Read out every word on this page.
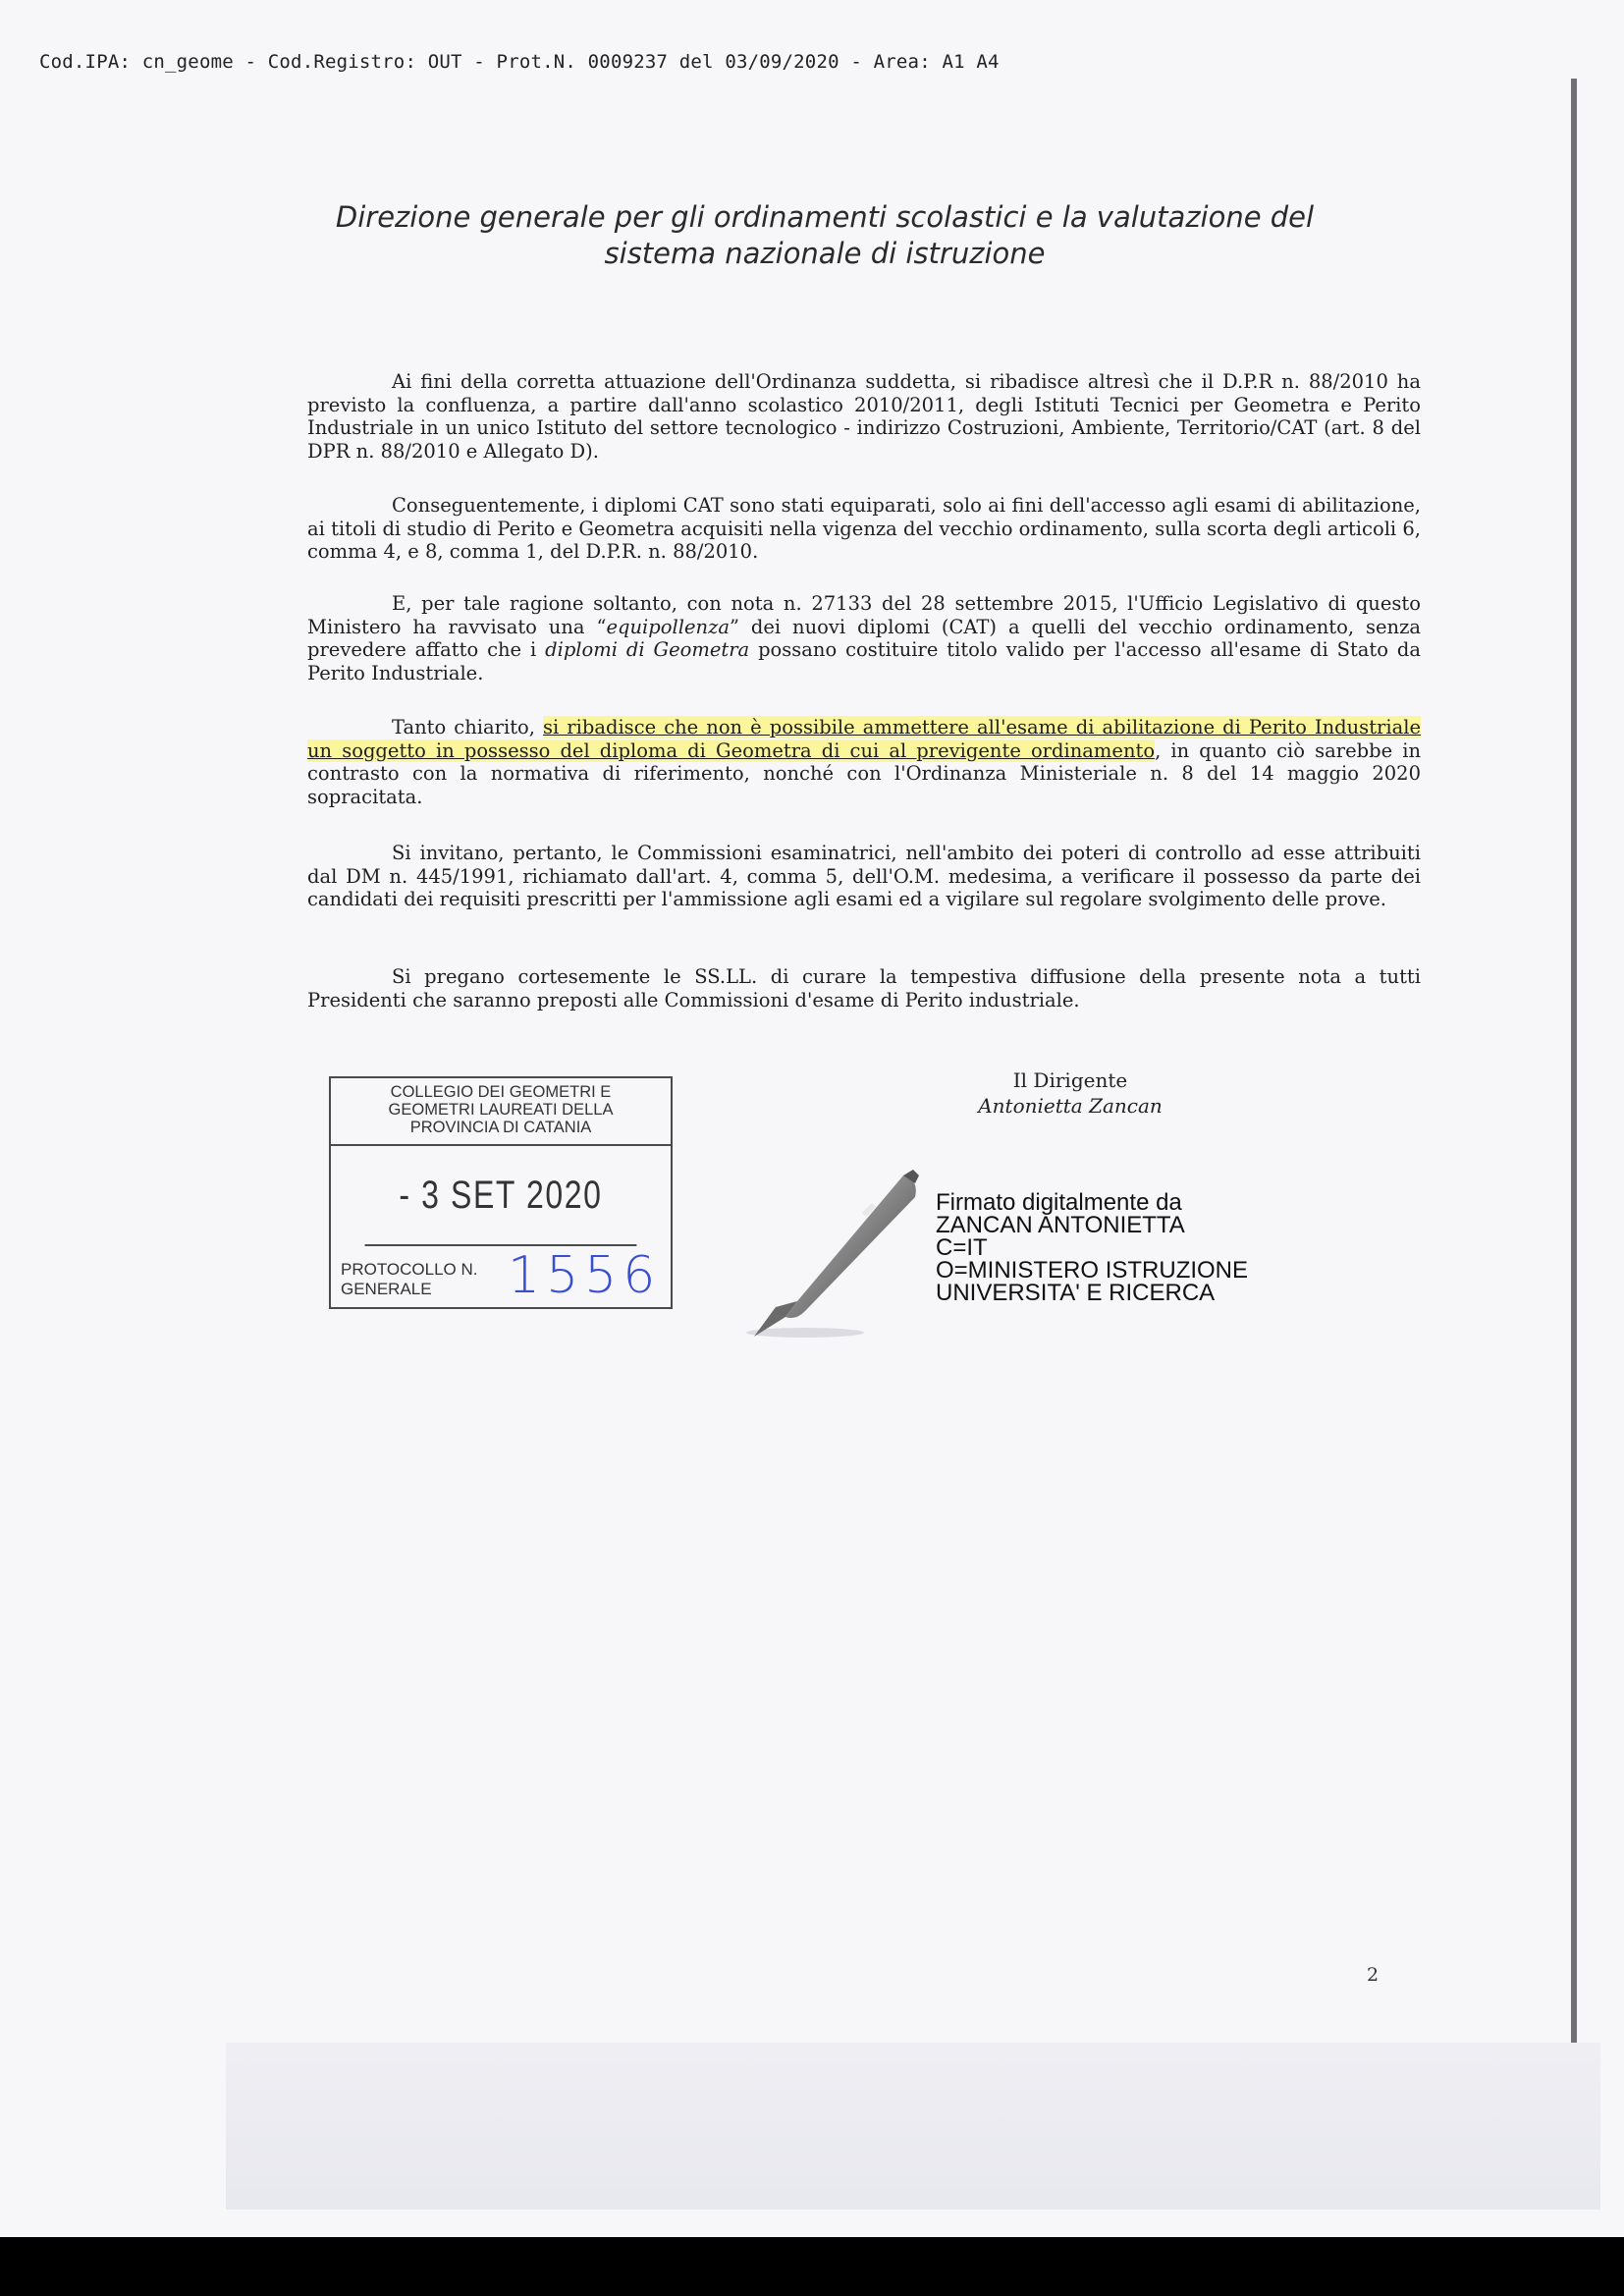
Cod.IPA: cn_geome - Cod.Registro: OUT - Prot.N. 0009237 del 03/09/2020 - Area: A1 A4
Direzione generale per gli ordinamenti scolastici e la valutazione del sistema nazionale di istruzione
Ai fini della corretta attuazione dell'Ordinanza suddetta, si ribadisce altresì che il D.P.R n. 88/2010 ha previsto la confluenza, a partire dall'anno scolastico 2010/2011, degli Istituti Tecnici per Geometra e Perito Industriale in un unico Istituto del settore tecnologico - indirizzo Costruzioni, Ambiente, Territorio/CAT (art. 8 del DPR n. 88/2010 e Allegato D).
Conseguentemente, i diplomi CAT sono stati equiparati, solo ai fini dell'accesso agli esami di abilitazione, ai titoli di studio di Perito e Geometra acquisiti nella vigenza del vecchio ordinamento, sulla scorta degli articoli 6, comma 4, e 8, comma 1, del D.P.R. n. 88/2010.
E, per tale ragione soltanto, con nota n. 27133 del 28 settembre 2015, l'Ufficio Legislativo di questo Ministero ha ravvisato una “equipollenza” dei nuovi diplomi (CAT) a quelli del vecchio ordinamento, senza prevedere affatto che i diplomi di Geometra possano costituire titolo valido per l'accesso all'esame di Stato da Perito Industriale.
Tanto chiarito, si ribadisce che non è possibile ammettere all'esame di abilitazione di Perito Industriale un soggetto in possesso del diploma di Geometra di cui al previgente ordinamento, in quanto ciò sarebbe in contrasto con la normativa di riferimento, nonché con l'Ordinanza Ministeriale n. 8 del 14 maggio 2020 sopracitata.
Si invitano, pertanto, le Commissioni esaminatrici, nell'ambito dei poteri di controllo ad esse attribuiti dal DM n. 445/1991, richiamato dall'art. 4, comma 5, dell'O.M. medesima, a verificare il possesso da parte dei candidati dei requisiti prescritti per l'ammissione agli esami ed a vigilare sul regolare svolgimento delle prove.
Si pregano cortesemente le SS.LL. di curare la tempestiva diffusione della presente nota a tutti Presidenti che saranno preposti alle Commissioni d'esame di Perito industriale.
Il Dirigente
Antonietta Zancan
COLLEGIO DEI GEOMETRI E
GEOMETRI LAUREATI DELLA
PROVINCIA DI CATANIA
- 3 SET 2020
PROTOCOLLO N.
GENERALE	1556
Firmato digitalmente da
ZANCAN ANTONIETTA
C=IT
O=MINISTERO ISTRUZIONE
UNIVERSITA' E RICERCA
2
